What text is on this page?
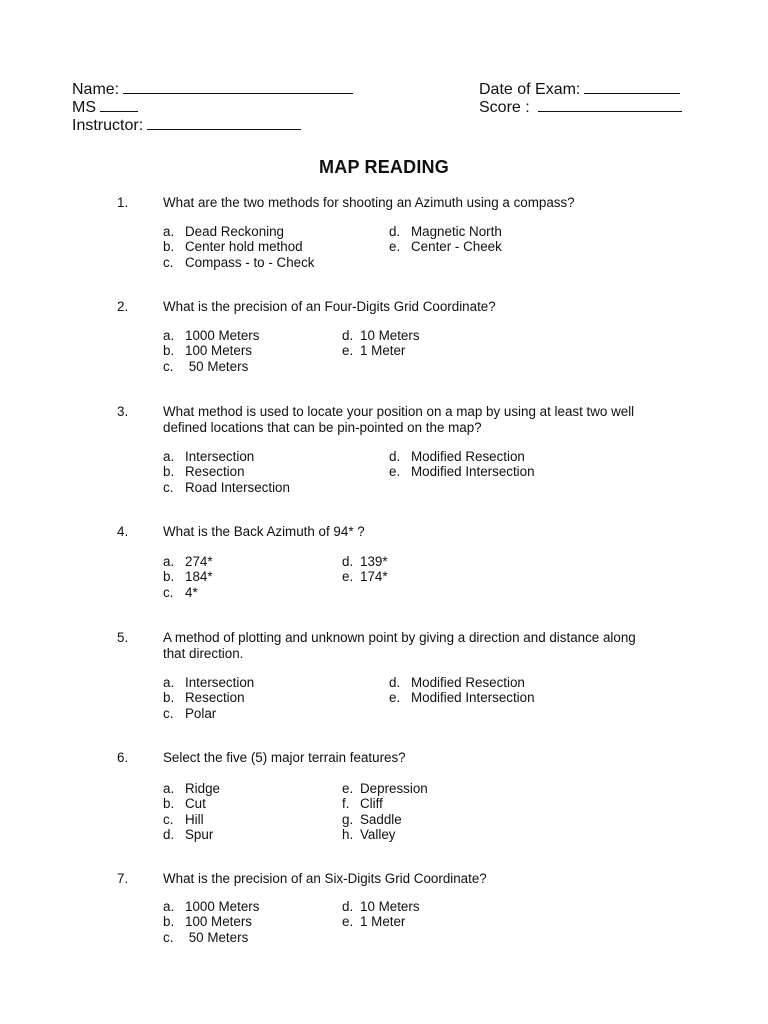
Name:
MS
Instructor:
Date of Exam:
Score :
MAP READING
1.	What are the two methods for shooting an Azimuth using a compass?
a. Dead Reckoning
b. Center hold method
c. Compass - to - Check
d. Magnetic North
e. Center - Cheek
2.	What is the precision of an Four-Digits Grid Coordinate?
a. 1000 Meters
b. 100 Meters
c. 50 Meters
d. 10 Meters
e. 1 Meter
3.	What method is used to locate your position on a map by using at least two well defined locations that can be pin-pointed on the map?
a. Intersection
b. Resection
c. Road Intersection
d. Modified Resection
e. Modified Intersection
4.	What is the Back Azimuth of 94* ?
a. 274*
b. 184*
c. 4*
d. 139*
e. 174*
5.	A method of plotting and unknown point by giving a direction and distance along that direction.
a. Intersection
b. Resection
c. Polar
d. Modified Resection
e. Modified Intersection
6.	Select the five (5) major terrain features?
a. Ridge
b. Cut
c. Hill
d. Spur
e. Depression
f. Cliff
g. Saddle
h. Valley
7.	What is the precision of an Six-Digits Grid Coordinate?
a. 1000 Meters
b. 100 Meters
c. 50 Meters
d. 10 Meters
e. 1 Meter
